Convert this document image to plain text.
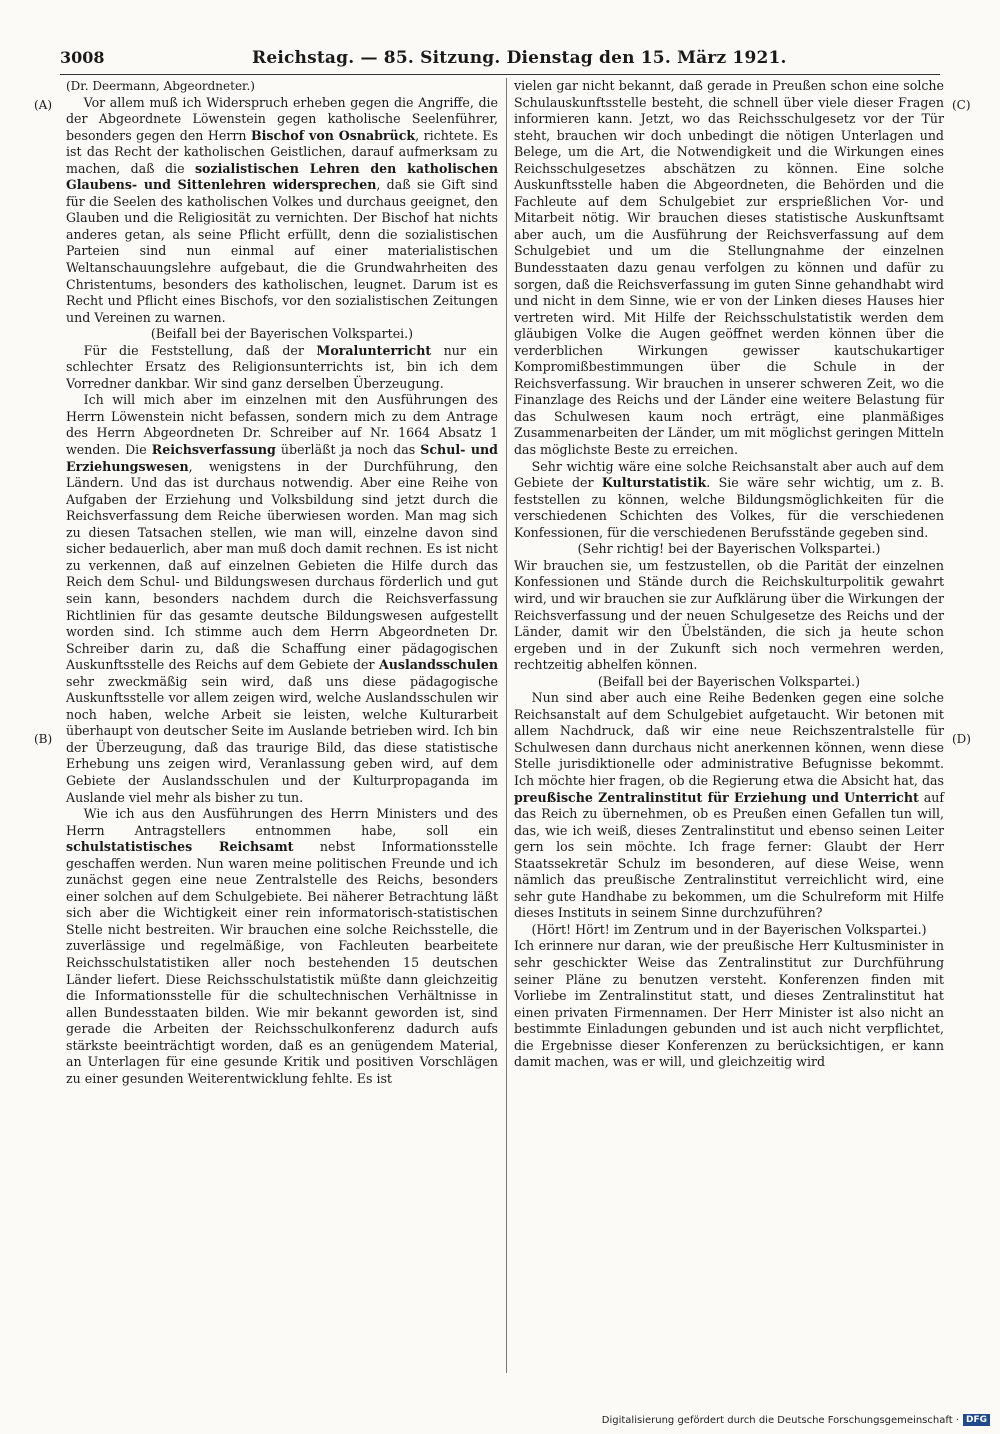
3008	Reichstag. — 85. Sitzung. Dienstag den 15. März 1921.
(A)
(B)
(C)
(D)

(Dr. Deermann, Abgeordneter.)

Vor allem muß ich Widerspruch erheben gegen die Angriffe, die der Abgeordnete Löwenstein gegen katholische Seelenführer, besonders gegen den Herrn Bischof von Osnabrück, richtete. Es ist das Recht der katholischen Geistlichen, darauf aufmerksam zu machen, daß die sozialistischen Lehren den katholischen Glaubens- und Sittenlehren widersprechen, daß sie Gift sind für die Seelen des katholischen Volkes und durchaus geeignet, den Glauben und die Religiosität zu vernichten. Der Bischof hat nichts anderes getan, als seine Pflicht erfüllt, denn die sozialistischen Parteien sind nun einmal auf einer materialistischen Weltanschauungslehre aufgebaut, die die Grundwahrheiten des Christentums, besonders des katholischen, leugnet. Darum ist es Recht und Pflicht eines Bischofs, vor den sozialistischen Zeitungen und Vereinen zu warnen.

(Beifall bei der Bayerischen Volkspartei.)

Für die Feststellung, daß der Moralunterricht nur ein schlechter Ersatz des Religionsunterrichts ist, bin ich dem Vorredner dankbar. Wir sind ganz derselben Überzeugung.

Ich will mich aber im einzelnen mit den Ausführungen des Herrn Löwenstein nicht befassen, sondern mich zu dem Antrage des Herrn Abgeordneten Dr. Schreiber auf Nr. 1664 Absatz 1 wenden. Die Reichsverfassung überläßt ja noch das Schul- und Erziehungswesen, wenigstens in der Durchführung, den Ländern. Und das ist durchaus notwendig. Aber eine Reihe von Aufgaben der Erziehung und Volksbildung sind jetzt durch die Reichsverfassung dem Reiche überwiesen worden. Man mag sich zu diesen Tatsachen stellen, wie man will, einzelne davon sind sicher bedauerlich, aber man muß doch damit rechnen. Es ist nicht zu verkennen, daß auf einzelnen Gebieten die Hilfe durch das Reich dem Schul- und Bildungswesen durchaus förderlich und gut sein kann, besonders nachdem durch die Reichsverfassung Richtlinien für das gesamte deutsche Bildungswesen aufgestellt worden sind. Ich stimme auch dem Herrn Abgeordneten Dr. Schreiber darin zu, daß die Schaffung einer pädagogischen Auskunftsstelle des Reichs auf dem Gebiete der Auslandsschulen sehr zweckmäßig sein wird, daß uns diese pädagogische Auskunftsstelle vor allem zeigen wird, welche Auslandsschulen wir noch haben, welche Arbeit sie leisten, welche Kulturarbeit überhaupt von deutscher Seite im Auslande betrieben wird. Ich bin der Überzeugung, daß das traurige Bild, das diese statistische Erhebung uns zeigen wird, Veranlassung geben wird, auf dem Gebiete der Auslandsschulen und der Kulturpropaganda im Auslande viel mehr als bisher zu tun.

Wie ich aus den Ausführungen des Herrn Ministers und des Herrn Antragstellers entnommen habe, soll ein schulstatistisches Reichsamt nebst Informationsstelle geschaffen werden. Nun waren meine politischen Freunde und ich zunächst gegen eine neue Zentralstelle des Reichs, besonders einer solchen auf dem Schulgebiete. Bei näherer Betrachtung läßt sich aber die Wichtigkeit einer rein informatorisch-statistischen Stelle nicht bestreiten. Wir brauchen eine solche Reichsstelle, die zuverlässige und regelmäßige, von Fachleuten bearbeitete Reichsschulstatistiken aller noch bestehenden 15 deutschen Länder liefert. Diese Reichsschulstatistik müßte dann gleichzeitig die Informationsstelle für die schultechnischen Verhältnisse in allen Bundesstaaten bilden. Wie mir bekannt geworden ist, sind gerade die Arbeiten der Reichsschulkonferenz dadurch aufs stärkste beeinträchtigt worden, daß es an genügendem Material, an Unterlagen für eine gesunde Kritik und positiven Vorschlägen zu einer gesunden Weiterentwicklung fehlte. Es ist

vielen gar nicht bekannt, daß gerade in Preußen schon eine solche Schulauskunftsstelle besteht, die schnell über viele dieser Fragen informieren kann. Jetzt, wo das Reichsschulgesetz vor der Tür steht, brauchen wir doch unbedingt die nötigen Unterlagen und Belege, um die Art, die Notwendigkeit und die Wirkungen eines Reichsschulgesetzes abschätzen zu können. Eine solche Auskunftsstelle haben die Abgeordneten, die Behörden und die Fachleute auf dem Schulgebiet zur ersprießlichen Vor- und Mitarbeit nötig. Wir brauchen dieses statistische Auskunftsamt aber auch, um die Ausführung der Reichsverfassung auf dem Schulgebiet und um die Stellungnahme der einzelnen Bundesstaaten dazu genau verfolgen zu können und dafür zu sorgen, daß die Reichsverfassung im guten Sinne gehandhabt wird und nicht in dem Sinne, wie er von der Linken dieses Hauses hier vertreten wird. Mit Hilfe der Reichsschulstatistik werden dem gläubigen Volke die Augen geöffnet werden können über die verderblichen Wirkungen gewisser kautschukartiger Kompromißbestimmungen über die Schule in der Reichsverfassung. Wir brauchen in unserer schweren Zeit, wo die Finanzlage des Reichs und der Länder eine weitere Belastung für das Schulwesen kaum noch erträgt, eine planmäßiges Zusammenarbeiten der Länder, um mit möglichst geringen Mitteln das möglichste Beste zu erreichen.

Sehr wichtig wäre eine solche Reichsanstalt aber auch auf dem Gebiete der Kulturstatistik. Sie wäre sehr wichtig, um z. B. feststellen zu können, welche Bildungsmöglichkeiten für die verschiedenen Schichten des Volkes, für die verschiedenen Konfessionen, für die verschiedenen Berufsstände gegeben sind.

(Sehr richtig! bei der Bayerischen Volkspartei.)

Wir brauchen sie, um festzustellen, ob die Parität der einzelnen Konfessionen und Stände durch die Reichskulturpolitik gewahrt wird, und wir brauchen sie zur Aufklärung über die Wirkungen der Reichsverfassung und der neuen Schulgesetze des Reichs und der Länder, damit wir den Übelständen, die sich ja heute schon ergeben und in der Zukunft sich noch vermehren werden, rechtzeitig abhelfen können.

(Beifall bei der Bayerischen Volkspartei.)

Nun sind aber auch eine Reihe Bedenken gegen eine solche Reichsanstalt auf dem Schulgebiet aufgetaucht. Wir betonen mit allem Nachdruck, daß wir eine neue Reichszentralstelle für Schulwesen dann durchaus nicht anerkennen können, wenn diese Stelle jurisdiktionelle oder administrative Befugnisse bekommt. Ich möchte hier fragen, ob die Regierung etwa die Absicht hat, das preußische Zentralinstitut für Erziehung und Unterricht auf das Reich zu übernehmen, ob es Preußen einen Gefallen tun will, das, wie ich weiß, dieses Zentralinstitut und ebenso seinen Leiter gern los sein möchte. Ich frage ferner: Glaubt der Herr Staatssekretär Schulz im besonderen, auf diese Weise, wenn nämlich das preußische Zentralinstitut verreichlicht wird, eine sehr gute Handhabe zu bekommen, um die Schulreform mit Hilfe dieses Instituts in seinem Sinne durchzuführen?

(Hört! Hört! im Zentrum und in der Bayerischen Volkspartei.)

Ich erinnere nur daran, wie der preußische Herr Kultusminister in sehr geschickter Weise das Zentralinstitut zur Durchführung seiner Pläne zu benutzen versteht. Konferenzen finden mit Vorliebe im Zentralinstitut statt, und dieses Zentralinstitut hat einen privaten Firmennamen. Der Herr Minister ist also nicht an bestimmte Einladungen gebunden und ist auch nicht verpflichtet, die Ergebnisse dieser Konferenzen zu berücksichtigen, er kann damit machen, was er will, und gleichzeitig wird

Digitalisierung gefördert durch die Deutsche Forschungsgemeinschaft · DFG
